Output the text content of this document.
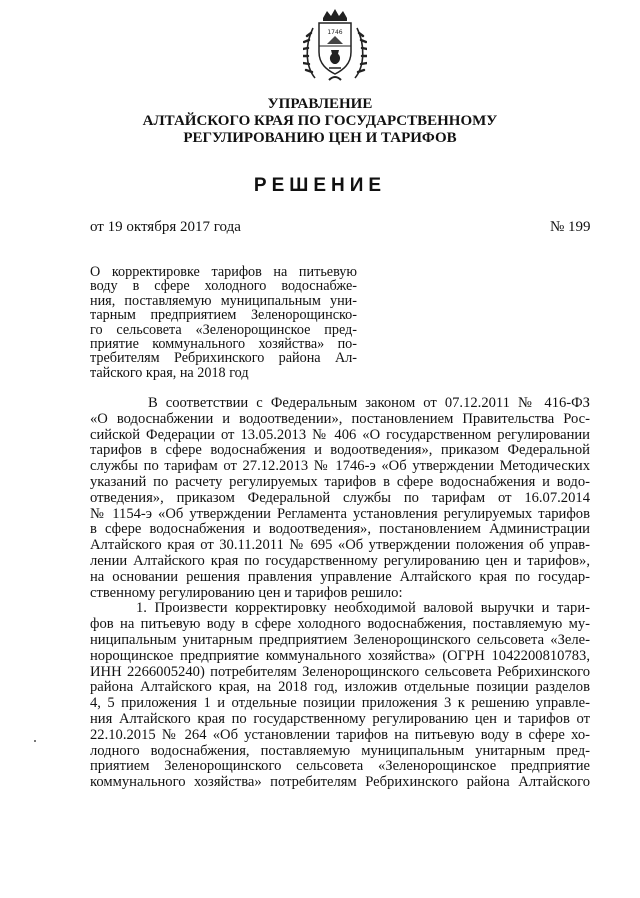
1746
УПРАВЛЕНИЕ
АЛТАЙСКОГО КРАЯ ПО ГОСУДАРСТВЕННОМУ
РЕГУЛИРОВАНИЮ ЦЕН И ТАРИФОВ
РЕШЕНИЕ
от 19 октября 2017 года	№ 199
О корректировке тарифов на питьевую
воду в сфере холодного водоснабже-
ния, поставляемую муниципальным уни-
тарным предприятием Зеленорощинско-
го сельсовета «Зеленорощинское пред-
приятие коммунального хозяйства» по-
требителям Ребрихинского района Ал-
тайского края, на 2018 год
В соответствии с Федеральным законом от 07.12.2011 № 416-ФЗ
«О водоснабжении и водоотведении», постановлением Правительства Рос-
сийской Федерации от 13.05.2013 № 406 «О государственном регулировании
тарифов в сфере водоснабжения и водоотведения», приказом Федеральной
службы по тарифам от 27.12.2013 № 1746-э «Об утверждении Методических
указаний по расчету регулируемых тарифов в сфере водоснабжения и водо-
отведения», приказом Федеральной службы по тарифам от 16.07.2014
№ 1154-э «Об утверждении Регламента установления регулируемых тарифов
в сфере водоснабжения и водоотведения», постановлением Администрации
Алтайского края от 30.11.2011 № 695 «Об утверждении положения об управ-
лении Алтайского края по государственному регулированию цен и тарифов»,
на основании решения правления управление Алтайского края по государ-
ственному регулированию цен и тарифов решило:
1. Произвести корректировку необходимой валовой выручки и тари-
фов на питьевую воду в сфере холодного водоснабжения, поставляемую му-
ниципальным унитарным предприятием Зеленорощинского сельсовета «Зеле-
норощинское предприятие коммунального хозяйства» (ОГРН 1042200810783,
ИНН 2266005240) потребителям Зеленорощинского сельсовета Ребрихинского
района Алтайского края, на 2018 год, изложив отдельные позиции разделов
4, 5 приложения 1 и отдельные позиции приложения 3 к решению управле-
ния Алтайского края по государственному регулированию цен и тарифов от
22.10.2015 № 264 «Об установлении тарифов на питьевую воду в сфере хо-
лодного водоснабжения, поставляемую муниципальным унитарным пред-
приятием Зеленорощинского сельсовета «Зеленорощинское предприятие
коммунального хозяйства» потребителям Ребрихинского района Алтайского
